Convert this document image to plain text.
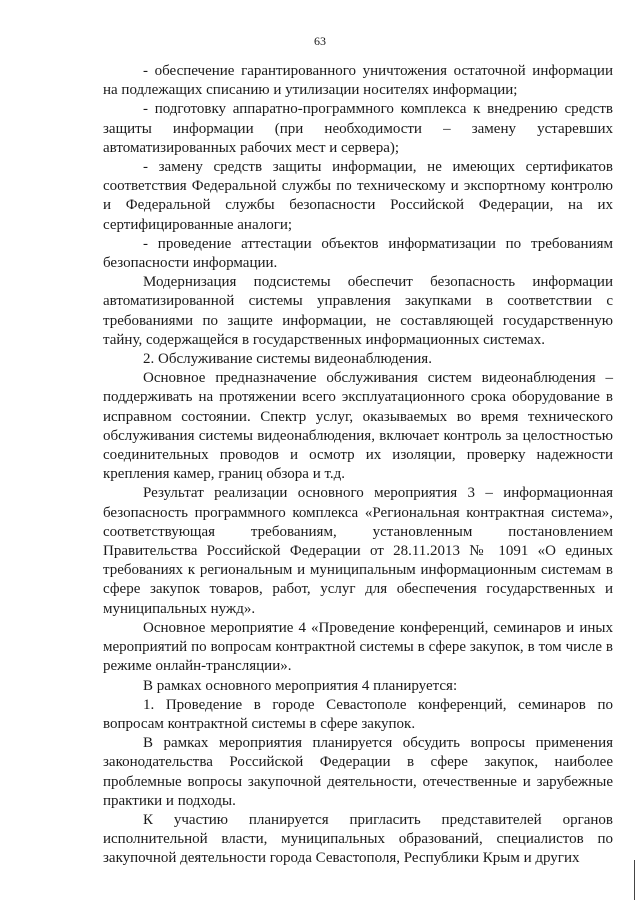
63

- обеспечение гарантированного уничтожения остаточной информации на подлежащих списанию и утилизации носителях информации;

- подготовку аппаратно-программного комплекса к внедрению средств защиты информации (при необходимости – замену устаревших автоматизированных рабочих мест и сервера);

- замену средств защиты информации, не имеющих сертификатов соответствия Федеральной службы по техническому и экспортному контролю и Федеральной службы безопасности Российской Федерации, на их сертифицированные аналоги;

- проведение аттестации объектов информатизации по требованиям безопасности информации.

Модернизация подсистемы обеспечит безопасность информации автоматизированной системы управления закупками в соответствии с требованиями по защите информации, не составляющей государственную тайну, содержащейся в государственных информационных системах.

2. Обслуживание системы видеонаблюдения.

Основное предназначение обслуживания систем видеонаблюдения – поддерживать на протяжении всего эксплуатационного срока оборудование в исправном состоянии. Спектр услуг, оказываемых во время технического обслуживания системы видеонаблюдения, включает контроль за целостностью соединительных проводов и осмотр их изоляции, проверку надежности крепления камер, границ обзора и т.д.

Результат реализации основного мероприятия 3 – информационная безопасность программного комплекса «Региональная контрактная система», соответствующая требованиям, установленным постановлением Правительства Российской Федерации от 28.11.2013 № 1091 «О единых требованиях к региональным и муниципальным информационным системам в сфере закупок товаров, работ, услуг для обеспечения государственных и муниципальных нужд».

Основное мероприятие 4 «Проведение конференций, семинаров и иных мероприятий по вопросам контрактной системы в сфере закупок, в том числе в режиме онлайн-трансляции».

В рамках основного мероприятия 4 планируется:

1. Проведение в городе Севастополе конференций, семинаров по вопросам контрактной системы в сфере закупок.

В рамках мероприятия планируется обсудить вопросы применения законодательства Российской Федерации в сфере закупок, наиболее проблемные вопросы закупочной деятельности, отечественные и зарубежные практики и подходы.

К участию планируется пригласить представителей органов исполнительной власти, муниципальных образований, специалистов по закупочной деятельности города Севастополя, Республики Крым и других
